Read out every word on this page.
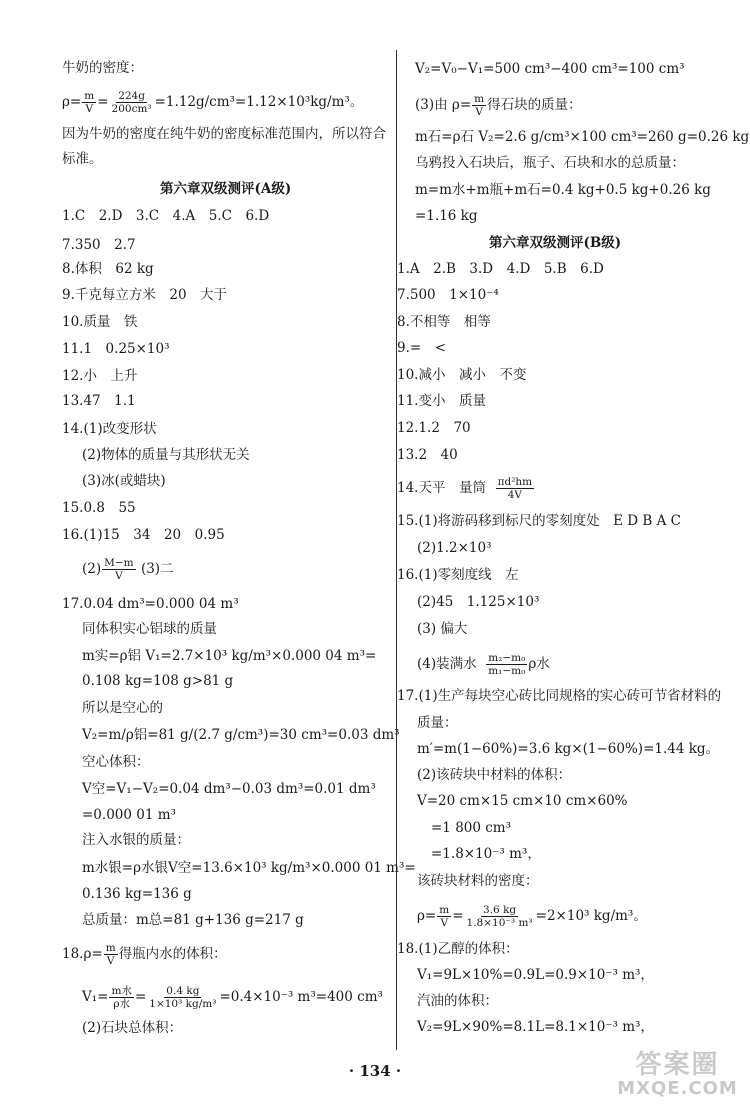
牛奶的密度：
$\rho= \frac{m}{V} = \frac{224g}{\text{200cm³}} =1.12g/cm^3=1.12\times 10^3kg/m^3$。
因为牛奶的密度在纯牛奶的密度标准范围内，所以符合
标准。
第六章双级测评(A级)
1.C　2.D　3.C　4.A　5.C　6.D
7.350　2.7
8.体积　62 kg
9.千克每立方米　20　大于
10.质量　铁
11.1　0.25×10³
12.小　上升
13.47　1.1
14.(1)改变形状
(2)物体的质量与其形状无关
(3)冰(或蜡块)
15.0.8　55
16.(1)15　34　20　0.95
$(2) \frac{M-m}{V} (3)$二
17.0.04 dm³=0.000 04 m³
同体积实心铝球的质量
m实=ρ铝 V₁=2.7×10³ kg/m³×0.000 04 m³=
0.108 kg=108 g>81 g
所以是空心的
V₂=m/ρ铝=81 g/(2.7 g/cm³)=30 cm³=0.03 dm³
空心体积：
V空=V₁−V₂=0.04 dm³−0.03 dm³=0.01 dm³
=0.000 01 m³
注入水银的质量：
m水银=ρ水银V空=13.6×10³ kg/m³×0.000 01 m³=
0.136 kg=136 g
总质量：m总=81 g+136 g=217 g
$18.\rho= \frac{m}{V}$ 得瓶内水的体积：
$V_1= \frac{\text{m水}}{\text{ρ水}} = \frac{0.4 kg}{\text{1×10³ kg/m³}} =0.4\times 10^{-3}$ m³=400 cm³
(2)石块总体积：
V₂=V₀−V₁=500 cm³−400 cm³=100 cm³
(3)由 $\rho= \frac{m}{V}$ 得石块的质量：
m石=ρ石 V₂=2.6 g/cm³×100 cm³=260 g=0.26 kg
乌鸦投入石块后，瓶子、石块和水的总质量：
m=m水+m瓶+m石=0.4 kg+0.5 kg+0.26 kg
=1.16 kg
第六章双级测评(B级)
1.A　2.B　3.D　4.D　5.B　6.D
7.500　1×10⁻⁴
8.不相等　相等
9.=　<
10.减小　减小　不变
11.变小　质量
12.1.2　70
13.2　40
14.天平　量筒 $\frac{\text{πd²hm}}{4V}$
15.(1)将游码移到标尺的零刻度处　E D B A C
(2)1.2×10³
16.(1)零刻度线　左
(2)45　1.125×10³
(3) 偏大
(4)装满水 $\frac{\text{m₂−m₀}}{\text{m₁−m₀}}$ ρ水
17.(1)生产每块空心砖比同规格的实心砖可节省材料的
质量：
m′=m(1−60%)=3.6 kg×(1−60%)=1.44 kg。
(2)该砖块中材料的体积：
V=20 cm×15 cm×10 cm×60%
=1 800 cm³
=1.8×10⁻³ m³，
该砖块材料的密度：
$\rho= \frac{m}{V} = \frac{3.6 kg}{\text{1.8×10⁻³ m³}} =2\times 10^3$ kg/m³。
18.(1)乙醇的体积：
V₁=9L×10%=0.9L=0.9×10⁻³ m³，
汽油的体积：
V₂=9L×90%=8.1L=8.1×10⁻³ m³，
· 134 ·	答案圈
MXQE.COM
